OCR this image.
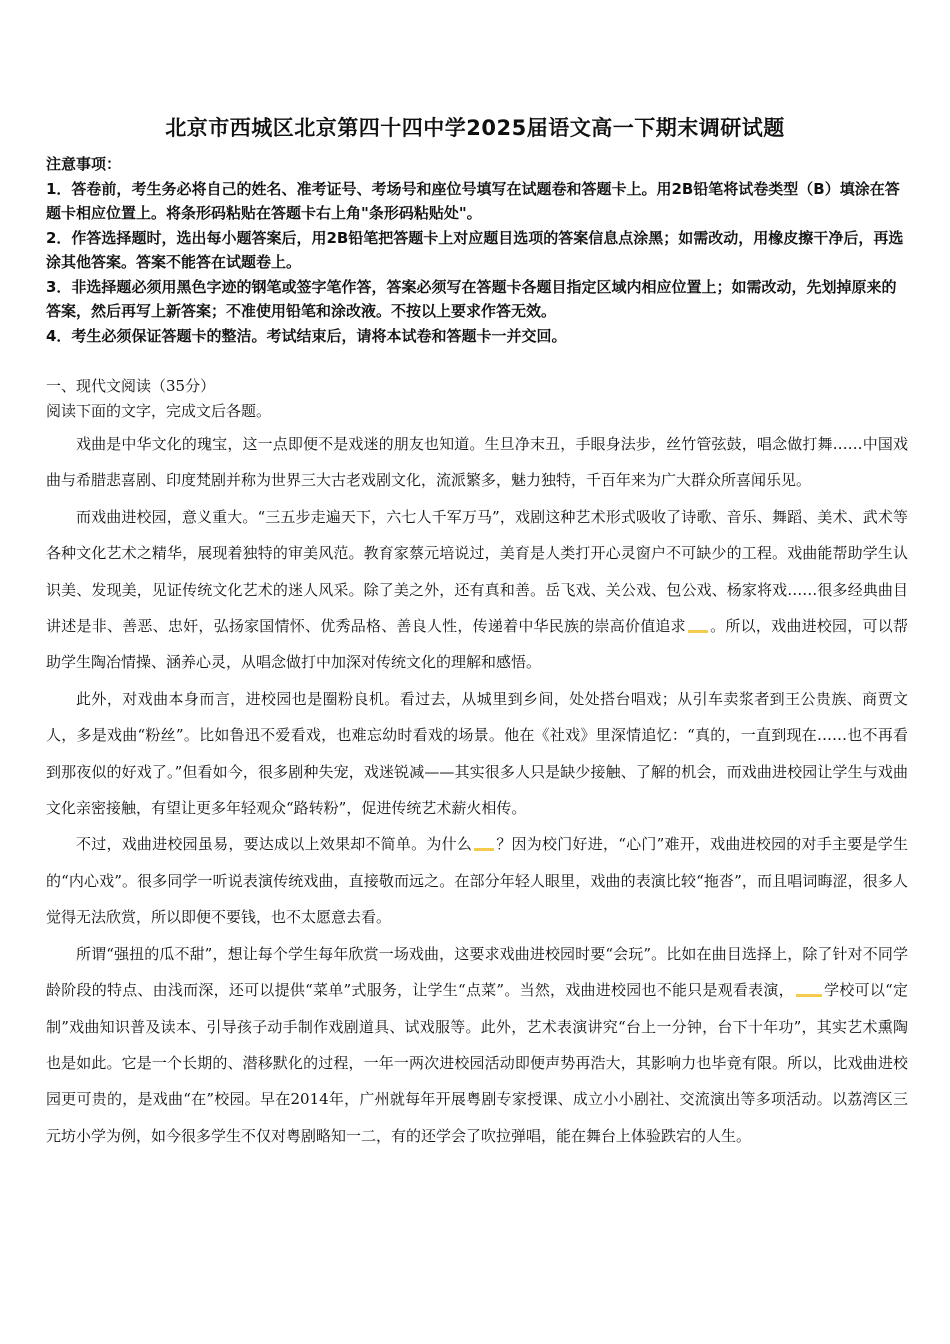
北京市西城区北京第四十四中学2025届语文高一下期末调研试题

注意事项：

1．答卷前，考生务必将自己的姓名、准考证号、考场号和座位号填写在试题卷和答题卡上。用2B铅笔将试卷类型（B）填涂在答题卡相应位置上。将条形码粘贴在答题卡右上角"条形码粘贴处"。

2．作答选择题时，选出每小题答案后，用2B铅笔把答题卡上对应题目选项的答案信息点涂黑；如需改动，用橡皮擦干净后，再选涂其他答案。答案不能答在试题卷上。

3．非选择题必须用黑色字迹的钢笔或签字笔作答，答案必须写在答题卡各题目指定区域内相应位置上；如需改动，先划掉原来的答案，然后再写上新答案；不准使用铅笔和涂改液。不按以上要求作答无效。

4．考生必须保证答题卡的整洁。考试结束后，请将本试卷和答题卡一并交回。

一、现代文阅读（35分）

阅读下面的文字，完成文后各题。

戏曲是中华文化的瑰宝，这一点即便不是戏迷的朋友也知道。生旦净末丑，手眼身法步，丝竹管弦鼓，唱念做打舞……中国戏曲与希腊悲喜剧、印度梵剧并称为世界三大古老戏剧文化，流派繁多，魅力独特，千百年来为广大群众所喜闻乐见。

而戏曲进校园，意义重大。“三五步走遍天下，六七人千军万马”，戏剧这种艺术形式吸收了诗歌、音乐、舞蹈、美术、武术等各种文化艺术之精华，展现着独特的审美风范。教育家蔡元培说过，美育是人类打开心灵窗户不可缺少的工程。戏曲能帮助学生认识美、发现美，见证传统文化艺术的迷人风采。除了美之外，还有真和善。岳飞戏、关公戏、包公戏、杨家将戏……很多经典曲目讲述是非、善恶、忠奸，弘扬家国情怀、优秀品格、善良人性，传递着中华民族的崇高价值追求 。所以，戏曲进校园，可以帮助学生陶冶情操、涵养心灵，从唱念做打中加深对传统文化的理解和感悟。

此外，对戏曲本身而言，进校园也是圈粉良机。看过去，从城里到乡间，处处搭台唱戏；从引车卖浆者到王公贵族、商贾文人，多是戏曲“粉丝”。比如鲁迅不爱看戏，也难忘幼时看戏的场景。他在《社戏》里深情追忆：“真的，一直到现在……也不再看到那夜似的好戏了。”但看如今，很多剧种失宠，戏迷锐减——其实很多人只是缺少接触、了解的机会，而戏曲进校园让学生与戏曲文化亲密接触，有望让更多年轻观众“路转粉”，促进传统艺术薪火相传。

不过，戏曲进校园虽易，要达成以上效果却不简单。为什么 ？因为校门好进，“心门”难开，戏曲进校园的对手主要是学生的“内心戏”。很多同学一听说表演传统戏曲，直接敬而远之。在部分年轻人眼里，戏曲的表演比较“拖沓”，而且唱词晦涩，很多人觉得无法欣赏，所以即便不要钱，也不太愿意去看。

所谓“强扭的瓜不甜”，想让每个学生每年欣赏一场戏曲，这要求戏曲进校园时要“会玩”。比如在曲目选择上，除了针对不同学龄阶段的特点、由浅而深，还可以提供“菜单”式服务，让学生“点菜”。当然，戏曲进校园也不能只是观看表演， 学校可以“定制”戏曲知识普及读本、引导孩子动手制作戏剧道具、试戏服等。此外，艺术表演讲究“台上一分钟，台下十年功”，其实艺术熏陶也是如此。它是一个长期的、潜移默化的过程，一年一两次进校园活动即便声势再浩大，其影响力也毕竟有限。所以，比戏曲进校园更可贵的，是戏曲“在”校园。早在2014年，广州就每年开展粤剧专家授课、成立小小剧社、交流演出等多项活动。以荔湾区三元坊小学为例，如今很多学生不仅对粤剧略知一二，有的还学会了吹拉弹唱，能在舞台上体验跌宕的人生。
